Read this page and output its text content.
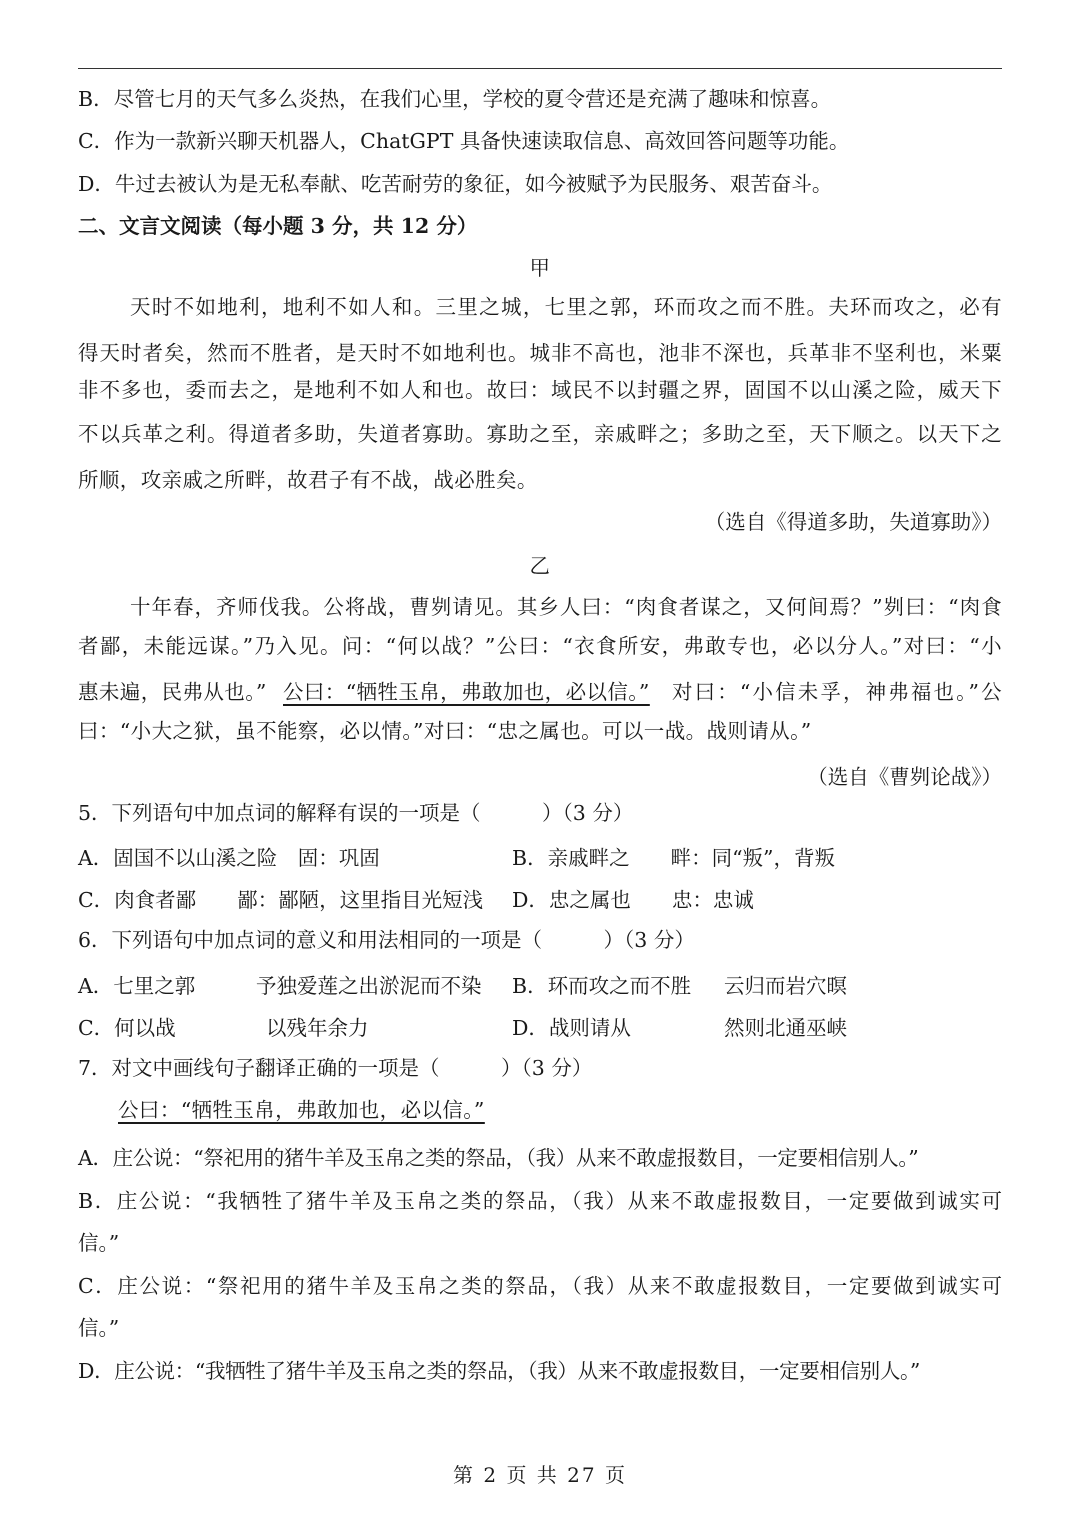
B．尽管七月的天气多么炎热，在我们心里，学校的夏令营还是充满了趣味和惊喜。
C．作为一款新兴聊天机器人，ChatGPT 具备快速读取信息、高效回答问题等功能。
D．牛过去被认为是无私奉献、吃苦耐劳的象征，如今被赋予为民服务、艰苦奋斗。
二、文言文阅读（每小题 3 分，共 12 分）
甲
天时不如地利，地利不如人和。三里之城，七里之郭，环而攻之而不胜。夫环而攻之，必有
得天时者矣，然而不胜者，是天时不如地利也。城非不高也，池非不深也，兵革非不坚利也，米粟
非不多也，委而去之，是地利不如人和也。故曰：域民不以封疆之界，固国不以山溪之险，威天下
不以兵革之利。得道者多助，失道者寡助。寡助之至，亲戚畔之；多助之至，天下顺之。以天下之
所顺，攻亲戚之所畔，故君子有不战，战必胜矣。
（选自《得道多助，失道寡助》）
乙
十年春，齐师伐我。公将战，曹刿请见。其乡人曰：“肉食者谋之，又何间焉？”刿曰：“肉食
者鄙，未能远谋。”乃入见。问：“何以战？”公曰：“衣食所安，弗敢专也，必以分人。”对曰：“小
惠未遍，民弗从也。” 公曰：“牺牲玉帛，弗敢加也，必以信。” 对曰：“小信未孚，神弗福也。”公
曰：“小大之狱，虽不能察，必以情。”对曰：“忠之属也。可以一战。战则请从。”
（选自《曹刿论战》）
5．下列语句中加点词的解释有误的一项是（　　　）（3 分）
A．固国不以山溪之险　固：巩固	B．亲戚畔之　　畔：同“叛”，背叛
C．肉食者鄙　　鄙：鄙陋，这里指目光短浅 D．忠之属也　　忠：忠诚
6．下列语句中加点词的意义和用法相同的一项是（　　　）（3 分）
A．七里之郭	予独爱莲之出淤泥而不染 B．环而攻之而不胜 云归而岩穴暝
C．何以战	以残年余力	D．战则请从	然则北通巫峡
7．对文中画线句子翻译正确的一项是（　　　）（3 分）
公曰：“牺牲玉帛，弗敢加也，必以信。”
A．庄公说：“祭祀用的猪牛羊及玉帛之类的祭品，（我）从来不敢虚报数目，一定要相信别人。”
B．庄公说：“我牺牲了猪牛羊及玉帛之类的祭品，（我）从来不敢虚报数目，一定要做到诚实可
信。”
C．庄公说：“祭祀用的猪牛羊及玉帛之类的祭品，（我）从来不敢虚报数目，一定要做到诚实可
信。”
D．庄公说：“我牺牲了猪牛羊及玉帛之类的祭品，（我）从来不敢虚报数目，一定要相信别人。”
第 2 页 共 27 页
